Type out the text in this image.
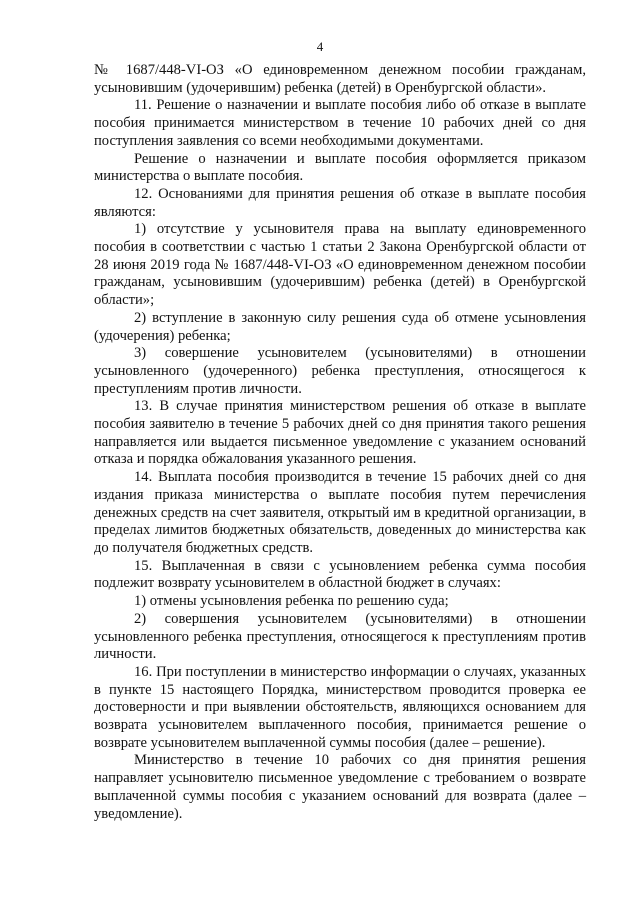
4

№ 1687/448-VI-ОЗ «О единовременном денежном пособии гражданам, усыновившим (удочерившим) ребенка (детей) в Оренбургской области».

11. Решение о назначении и выплате пособия либо об отказе в выплате пособия принимается министерством в течение 10 рабочих дней со дня поступления заявления со всеми необходимыми документами.

Решение о назначении и выплате пособия оформляется приказом министерства о выплате пособия.

12. Основаниями для принятия решения об отказе в выплате пособия являются:

1) отсутствие у усыновителя права на выплату единовременного пособия в соответствии с частью 1 статьи 2 Закона Оренбургской области от 28 июня 2019 года № 1687/448-VI-ОЗ «О единовременном денежном пособии гражданам, усыновившим (удочерившим) ребенка (детей) в Оренбургской области»;

2) вступление в законную силу решения суда об отмене усыновления (удочерения) ребенка;

3) совершение усыновителем (усыновителями) в отношении усыновленного (удочеренного) ребенка преступления, относящегося к преступлениям против личности.

13. В случае принятия министерством решения об отказе в выплате пособия заявителю в течение 5 рабочих дней со дня принятия такого решения направляется или выдается письменное уведомление с указанием оснований отказа и порядка обжалования указанного решения.

14. Выплата пособия производится в течение 15 рабочих дней со дня издания приказа министерства о выплате пособия путем перечисления денежных средств на счет заявителя, открытый им в кредитной организации, в пределах лимитов бюджетных обязательств, доведенных до министерства как до получателя бюджетных средств.

15. Выплаченная в связи с усыновлением ребенка сумма пособия подлежит возврату усыновителем в областной бюджет в случаях:

1) отмены усыновления ребенка по решению суда;

2) совершения усыновителем (усыновителями) в отношении усыновленного ребенка преступления, относящегося к преступлениям против личности.

16. При поступлении в министерство информации о случаях, указанных в пункте 15 настоящего Порядка, министерством проводится проверка ее достоверности и при выявлении обстоятельств, являющихся основанием для возврата усыновителем выплаченного пособия, принимается решение о возврате усыновителем выплаченной суммы пособия (далее – решение).

Министерство в течение 10 рабочих со дня принятия решения направляет усыновителю письменное уведомление с требованием о возврате выплаченной суммы пособия с указанием оснований для возврата (далее – уведомление).
